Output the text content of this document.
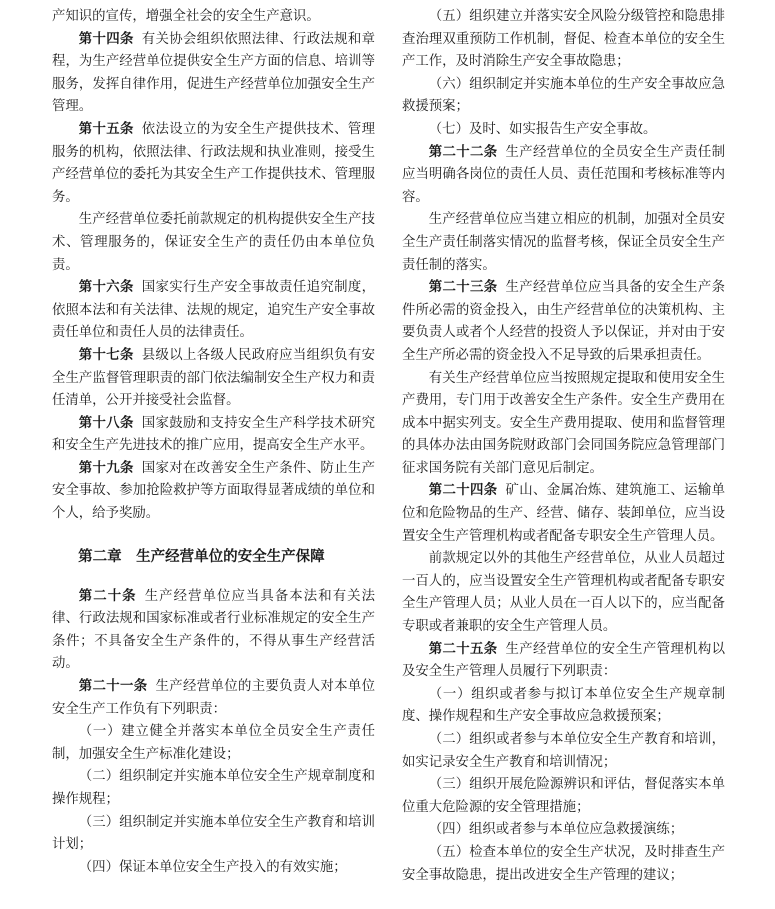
产知识的宣传，增强全社会的安全生产意识。

第十四条 有关协会组织依照法律、行政法规和章程，为生产经营单位提供安全生产方面的信息、培训等服务，发挥自律作用，促进生产经营单位加强安全生产管理。

第十五条 依法设立的为安全生产提供技术、管理服务的机构，依照法律、行政法规和执业准则，接受生产经营单位的委托为其安全生产工作提供技术、管理服务。

生产经营单位委托前款规定的机构提供安全生产技术、管理服务的，保证安全生产的责任仍由本单位负责。

第十六条 国家实行生产安全事故责任追究制度，依照本法和有关法律、法规的规定，追究生产安全事故责任单位和责任人员的法律责任。

第十七条 县级以上各级人民政府应当组织负有安全生产监督管理职责的部门依法编制安全生产权力和责任清单，公开并接受社会监督。

第十八条 国家鼓励和支持安全生产科学技术研究和安全生产先进技术的推广应用，提高安全生产水平。

第十九条 国家对在改善安全生产条件、防止生产安全事故、参加抢险救护等方面取得显著成绩的单位和个人，给予奖励。

第二章 生产经营单位的安全生产保障

第二十条 生产经营单位应当具备本法和有关法律、行政法规和国家标准或者行业标准规定的安全生产条件；不具备安全生产条件的，不得从事生产经营活动。

第二十一条 生产经营单位的主要负责人对本单位安全生产工作负有下列职责：

（一）建立健全并落实本单位全员安全生产责任制，加强安全生产标准化建设；

（二）组织制定并实施本单位安全生产规章制度和操作规程；

（三）组织制定并实施本单位安全生产教育和培训计划；

（四）保证本单位安全生产投入的有效实施；

（五）组织建立并落实安全风险分级管控和隐患排查治理双重预防工作机制，督促、检查本单位的安全生产工作，及时消除生产安全事故隐患；

（六）组织制定并实施本单位的生产安全事故应急救援预案；

（七）及时、如实报告生产安全事故。

第二十二条 生产经营单位的全员安全生产责任制应当明确各岗位的责任人员、责任范围和考核标准等内容。

生产经营单位应当建立相应的机制，加强对全员安全生产责任制落实情况的监督考核，保证全员安全生产责任制的落实。

第二十三条 生产经营单位应当具备的安全生产条件所必需的资金投入，由生产经营单位的决策机构、主要负责人或者个人经营的投资人予以保证，并对由于安全生产所必需的资金投入不足导致的后果承担责任。

有关生产经营单位应当按照规定提取和使用安全生产费用，专门用于改善安全生产条件。安全生产费用在成本中据实列支。安全生产费用提取、使用和监督管理的具体办法由国务院财政部门会同国务院应急管理部门征求国务院有关部门意见后制定。

第二十四条 矿山、金属冶炼、建筑施工、运输单位和危险物品的生产、经营、储存、装卸单位，应当设置安全生产管理机构或者配备专职安全生产管理人员。

前款规定以外的其他生产经营单位，从业人员超过一百人的，应当设置安全生产管理机构或者配备专职安全生产管理人员；从业人员在一百人以下的，应当配备专职或者兼职的安全生产管理人员。

第二十五条 生产经营单位的安全生产管理机构以及安全生产管理人员履行下列职责：

（一）组织或者参与拟订本单位安全生产规章制度、操作规程和生产安全事故应急救援预案；

（二）组织或者参与本单位安全生产教育和培训，如实记录安全生产教育和培训情况；

（三）组织开展危险源辨识和评估，督促落实本单位重大危险源的安全管理措施；

（四）组织或者参与本单位应急救援演练；

（五）检查本单位的安全生产状况，及时排查生产安全事故隐患，提出改进安全生产管理的建议；
